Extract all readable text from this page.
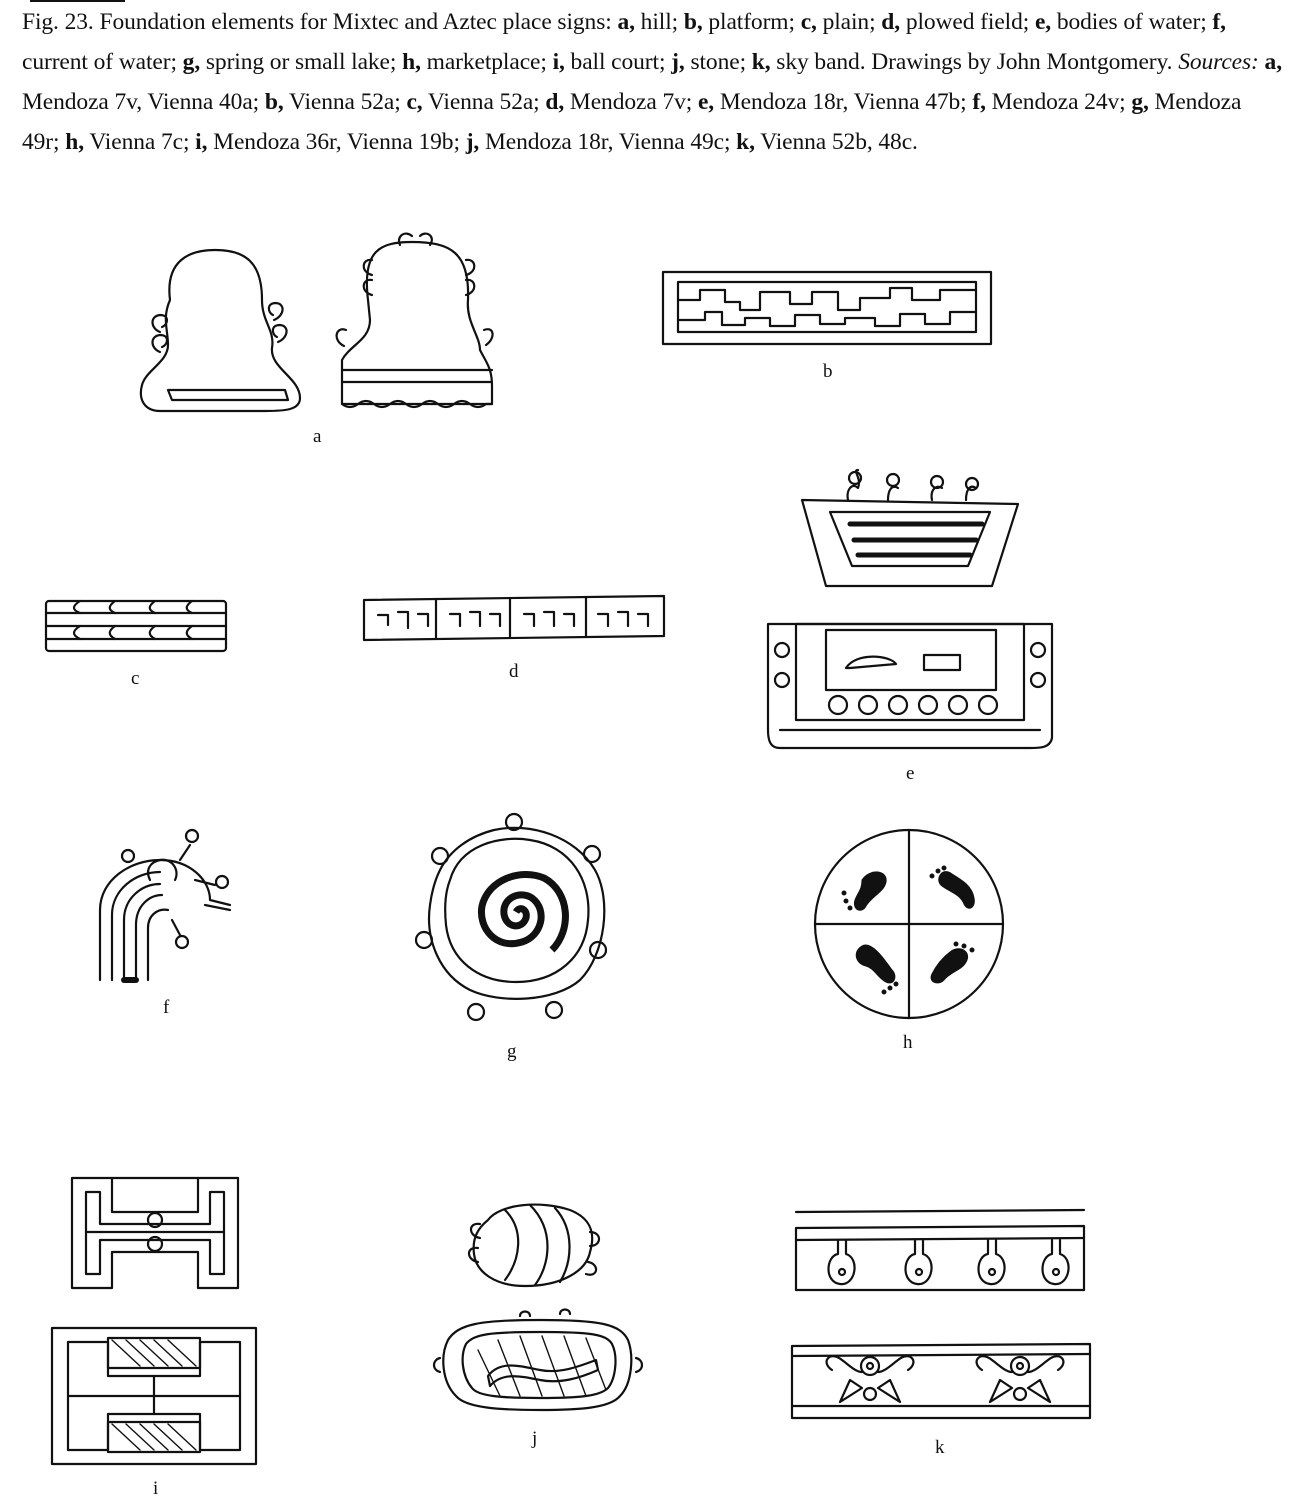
Fig. 23. Foundation elements for Mixtec and Aztec place signs: a, hill; b, platform; c, plain; d, plowed field; e, bodies of water; f, current of water; g, spring or small lake; h, marketplace; i, ball court; j, stone; k, sky band. Drawings by John Montgomery. Sources: a, Mendoza 7v, Vienna 40a; b, Vienna 52a; c, Vienna 52a; d, Mendoza 7v; e, Mendoza 18r, Vienna 47b; f, Mendoza 24v; g, Mendoza 49r; h, Vienna 7c; i, Mendoza 36r, Vienna 19b; j, Mendoza 18r, Vienna 49c; k, Vienna 52b, 48c.
a
b
c	d
e
f
g	h
i
j	k
